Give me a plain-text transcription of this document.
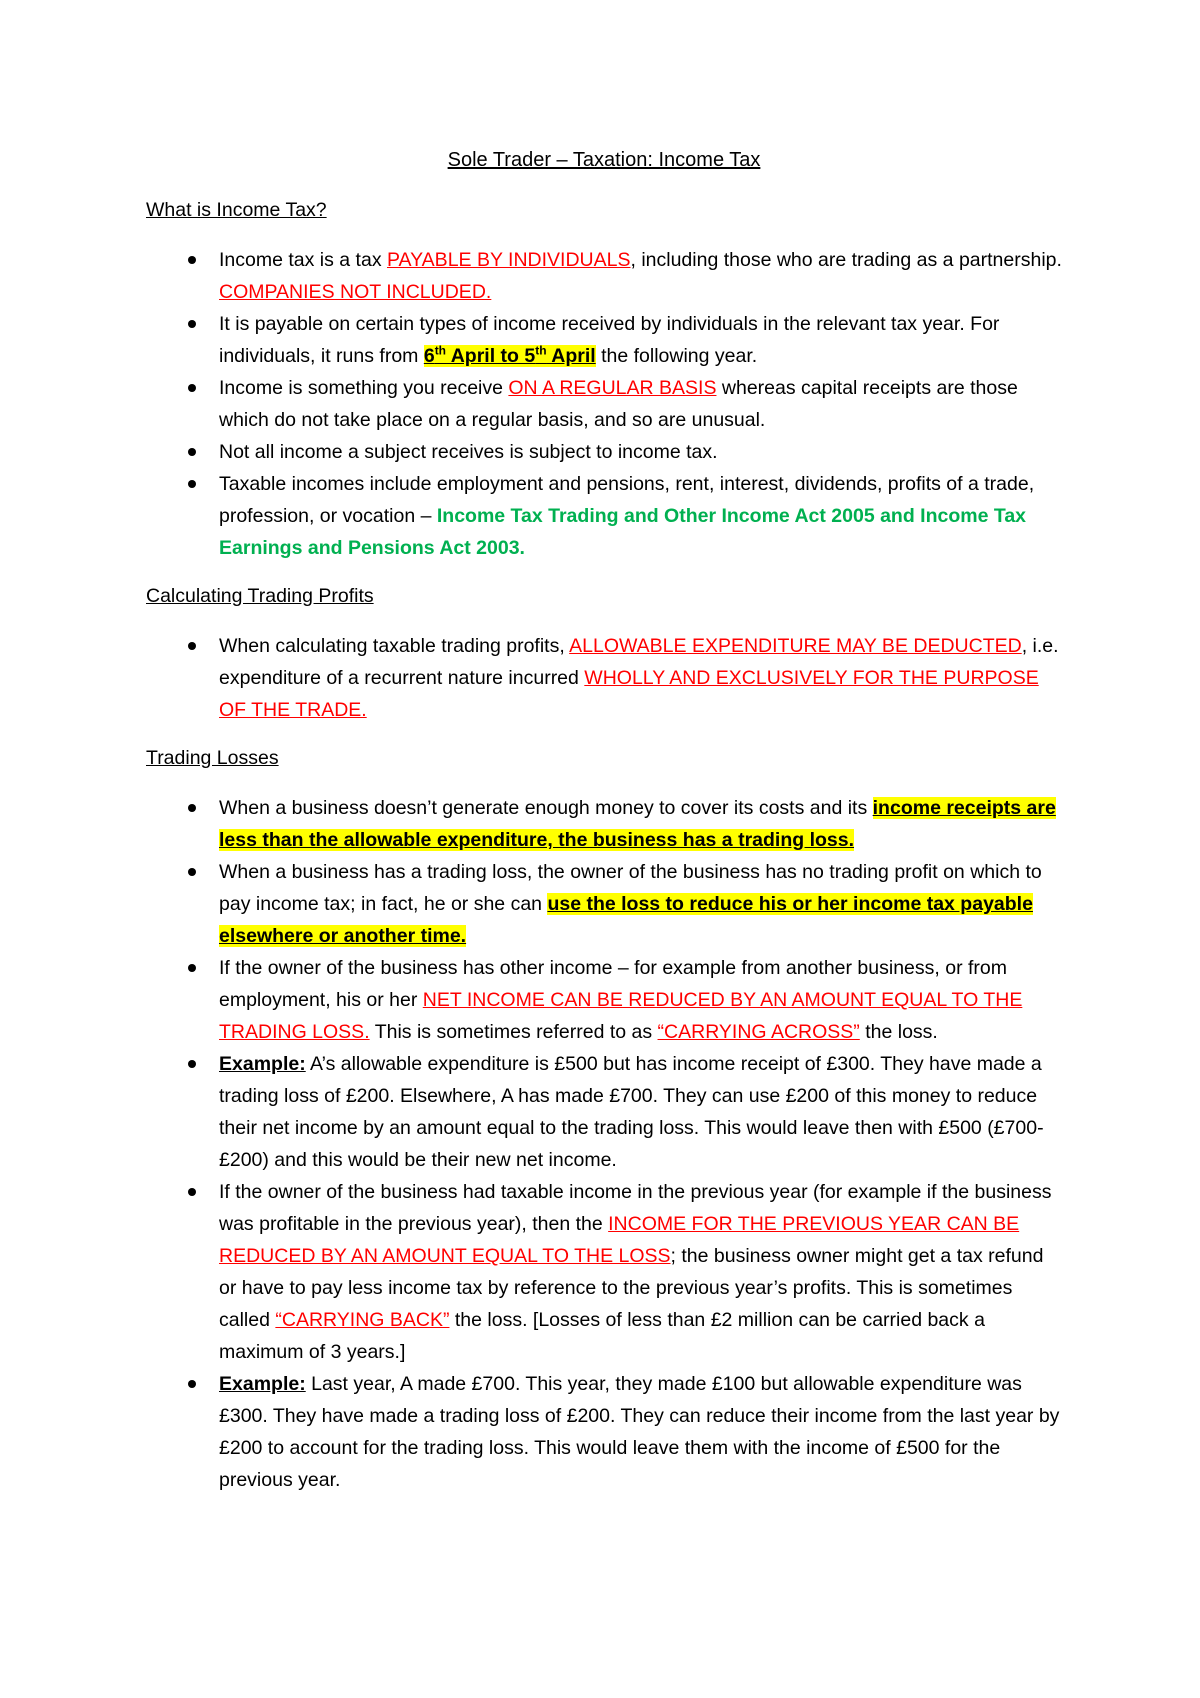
Sole Trader – Taxation: Income Tax
What is Income Tax?
Income tax is a tax PAYABLE BY INDIVIDUALS, including those who are trading as a partnership. COMPANIES NOT INCLUDED.
It is payable on certain types of income received by individuals in the relevant tax year. For individuals, it runs from 6th April to 5th April the following year.
Income is something you receive ON A REGULAR BASIS whereas capital receipts are those which do not take place on a regular basis, and so are unusual.
Not all income a subject receives is subject to income tax.
Taxable incomes include employment and pensions, rent, interest, dividends, profits of a trade, profession, or vocation – Income Tax Trading and Other Income Act 2005 and Income Tax Earnings and Pensions Act 2003.
Calculating Trading Profits
When calculating taxable trading profits, ALLOWABLE EXPENDITURE MAY BE DEDUCTED, i.e. expenditure of a recurrent nature incurred WHOLLY AND EXCLUSIVELY FOR THE PURPOSE OF THE TRADE.
Trading Losses
When a business doesn’t generate enough money to cover its costs and its income receipts are less than the allowable expenditure, the business has a trading loss.
When a business has a trading loss, the owner of the business has no trading profit on which to pay income tax; in fact, he or she can use the loss to reduce his or her income tax payable elsewhere or another time.
If the owner of the business has other income – for example from another business, or from employment, his or her NET INCOME CAN BE REDUCED BY AN AMOUNT EQUAL TO THE TRADING LOSS. This is sometimes referred to as “CARRYING ACROSS” the loss.
Example: A’s allowable expenditure is £500 but has income receipt of £300. They have made a trading loss of £200. Elsewhere, A has made £700. They can use £200 of this money to reduce their net income by an amount equal to the trading loss. This would leave then with £500 (£700-£200) and this would be their new net income.
If the owner of the business had taxable income in the previous year (for example if the business was profitable in the previous year), then the INCOME FOR THE PREVIOUS YEAR CAN BE REDUCED BY AN AMOUNT EQUAL TO THE LOSS; the business owner might get a tax refund or have to pay less income tax by reference to the previous year’s profits. This is sometimes called “CARRYING BACK” the loss. [Losses of less than £2 million can be carried back a maximum of 3 years.]
Example: Last year, A made £700. This year, they made £100 but allowable expenditure was £300. They have made a trading loss of £200. They can reduce their income from the last year by £200 to account for the trading loss. This would leave them with the income of £500 for the previous year.
